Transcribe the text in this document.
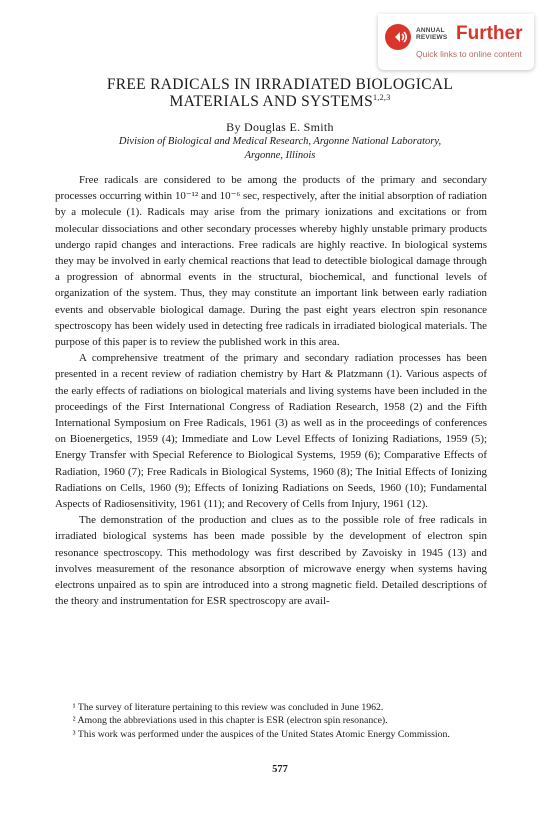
ANNUAL
REVIEWS Further
Quick links to online content
FREE RADICALS IN IRRADIATED BIOLOGICAL
MATERIALS AND SYSTEMS$^{1,2,3}$
By Douglas E. Smith
Division of Biological and Medical Research, Argonne National Laboratory,
Argonne, Illinois

Free radicals are considered to be among the products of the primary and secondary processes occurring within 10⁻¹² and 10⁻⁶ sec, respectively, after the initial absorption of radiation by a molecule (1). Radicals may arise from the primary ionizations and excitations or from molecular dissociations and other secondary processes whereby highly unstable primary products undergo rapid changes and interactions. Free radicals are highly reactive. In biological systems they may be involved in early chemical reactions that lead to detectible biological damage through a progression of abnormal events in the structural, biochemical, and functional levels of organization of the system. Thus, they may constitute an important link between early radiation events and observable biological damage. During the past eight years electron spin resonance spectroscopy has been widely used in detecting free radicals in irradiated biological materials. The purpose of this paper is to review the published work in this area.

A comprehensive treatment of the primary and secondary radiation processes has been presented in a recent review of radiation chemistry by Hart & Platzmann (1). Various aspects of the early effects of radiations on biological materials and living systems have been included in the proceedings of the First International Congress of Radiation Research, 1958 (2) and the Fifth International Symposium on Free Radicals, 1961 (3) as well as in the proceedings of conferences on Bioenergetics, 1959 (4); Immediate and Low Level Effects of Ionizing Radiations, 1959 (5); Energy Transfer with Special Reference to Biological Systems, 1959 (6); Comparative Effects of Radiation, 1960 (7); Free Radicals in Biological Systems, 1960 (8); The Initial Effects of Ionizing Radiations on Cells, 1960 (9); Effects of Ionizing Radiations on Seeds, 1960 (10); Fundamental Aspects of Radiosensitivity, 1961 (11); and Recovery of Cells from Injury, 1961 (12).

The demonstration of the production and clues as to the possible role of free radicals in irradiated biological systems has been made possible by the development of electron spin resonance spectroscopy. This methodology was first described by Zavoisky in 1945 (13) and involves measurement of the resonance absorption of microwave energy when systems having electrons unpaired as to spin are introduced into a strong magnetic field. Detailed descriptions of the theory and instrumentation for ESR spectroscopy are avail-

¹ The survey of literature pertaining to this review was concluded in June 1962.

² Among the abbreviations used in this chapter is ESR (electron spin resonance).

³ This work was performed under the auspices of the United States Atomic Energy Commission.

577
